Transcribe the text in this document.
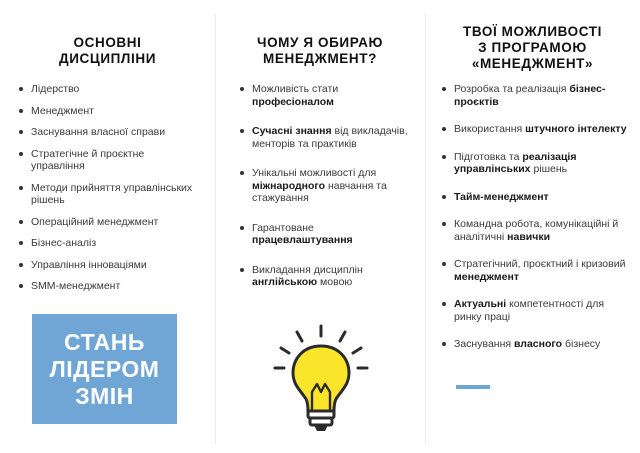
ОСНОВНІ
ДИСЦИПЛІНИ
Лідерство
Менеджмент
Заснування власної справи
Стратегічне й проєктне управління
Методи прийняття управлінських рішень
Операційний менеджмент
Бізнес-аналіз
Управління інноваціями
SMM-менеджмент
СТАНЬ
ЛІДЕРОМ
ЗМІН
ЧОМУ Я ОБИРАЮ
МЕНЕДЖМЕНТ?
Можливість стати професіоналом
Сучасні знання від викладачів, менторів та практиків
Унікальні можливості для міжнародного навчання та стажування
Гарантоване працевлаштування
Викладання дисциплін англійською мовою
ТВОЇ МОЖЛИВОСТІ
З ПРОГРАМОЮ
«МЕНЕДЖМЕНТ»
Розробка та реалізація бізнес-проєктів
Використання штучного інтелекту
Підготовка та реалізація управлінських рішень
Тайм-менеджмент
Командна робота, комунікаційні й аналітичні навички
Стратегічний, проєктний і кризовий менеджмент
Актуальні компетентності для ринку праці
Заснування власного бізнесу
